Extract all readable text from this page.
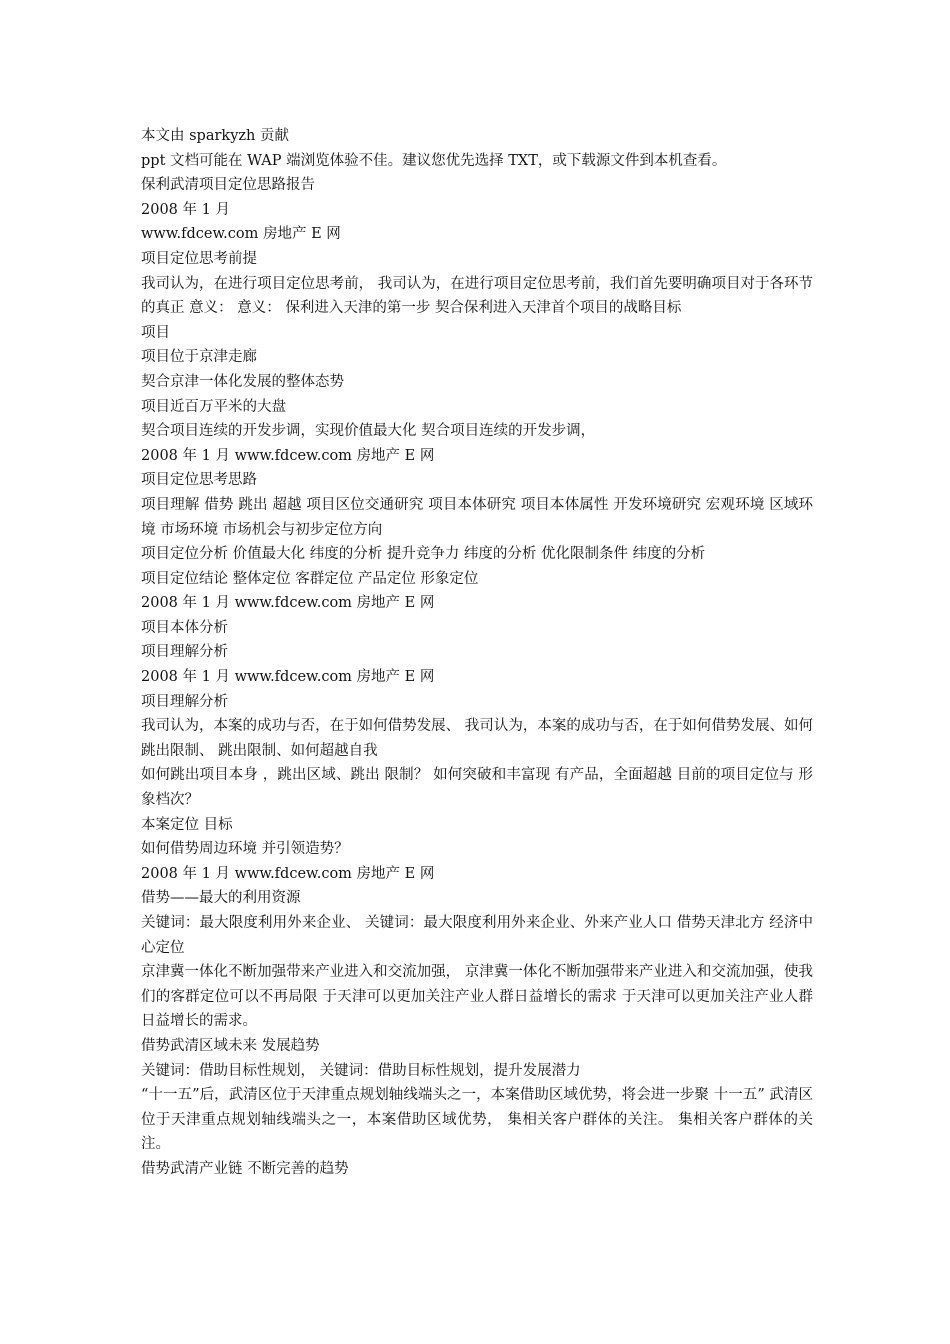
本文由 sparkyzh 贡献

ppt 文档可能在 WAP 端浏览体验不佳。建议您优先选择 TXT，或下载源文件到本机查看。

保利武清项目定位思路报告

2008 年 1 月

www.fdcew.com 房地产 E 网

项目定位思考前提

我司认为，在进行项目定位思考前， 我司认为，在进行项目定位思考前，我们首先要明确项目对于各环节的真正 意义： 意义： 保利进入天津的第一步 契合保利进入天津首个项目的战略目标

项目

项目位于京津走廊

契合京津一体化发展的整体态势

项目近百万平米的大盘

契合项目连续的开发步调，实现价值最大化 契合项目连续的开发步调，

2008 年 1 月 www.fdcew.com 房地产 E 网

项目定位思考思路

项目理解 借势 跳出 超越 项目区位交通研究 项目本体研究 项目本体属性 开发环境研究 宏观环境 区域环境 市场环境 市场机会与初步定位方向

项目定位分析 价值最大化 纬度的分析 提升竞争力 纬度的分析 优化限制条件 纬度的分析

项目定位结论 整体定位 客群定位 产品定位 形象定位

2008 年 1 月 www.fdcew.com 房地产 E 网

项目本体分析

项目理解分析

2008 年 1 月 www.fdcew.com 房地产 E 网

项目理解分析

我司认为，本案的成功与否，在于如何借势发展、 我司认为，本案的成功与否，在于如何借势发展、如何 跳出限制、 跳出限制、如何超越自我

如何跳出项目本身 ，跳出区域、跳出 限制？ 如何突破和丰富现 有产品，全面超越 目前的项目定位与 形象档次？

本案定位 目标

如何借势周边环境 并引领造势？

2008 年 1 月 www.fdcew.com 房地产 E 网

借势——最大的利用资源

关键词：最大限度利用外来企业、 关键词：最大限度利用外来企业、外来产业人口 借势天津北方 经济中心定位

京津冀一体化不断加强带来产业进入和交流加强， 京津冀一体化不断加强带来产业进入和交流加强，使我们的客群定位可以不再局限 于天津可以更加关注产业人群日益增长的需求 于天津可以更加关注产业人群日益增长的需求。

借势武清区域未来 发展趋势

关键词：借助目标性规划， 关键词：借助目标性规划，提升发展潜力

“十一五”后，武清区位于天津重点规划轴线端头之一，本案借助区域优势，将会进一步聚 十一五” 武清区位于天津重点规划轴线端头之一，本案借助区域优势， 集相关客户群体的关注。 集相关客户群体的关注。

借势武清产业链 不断完善的趋势
